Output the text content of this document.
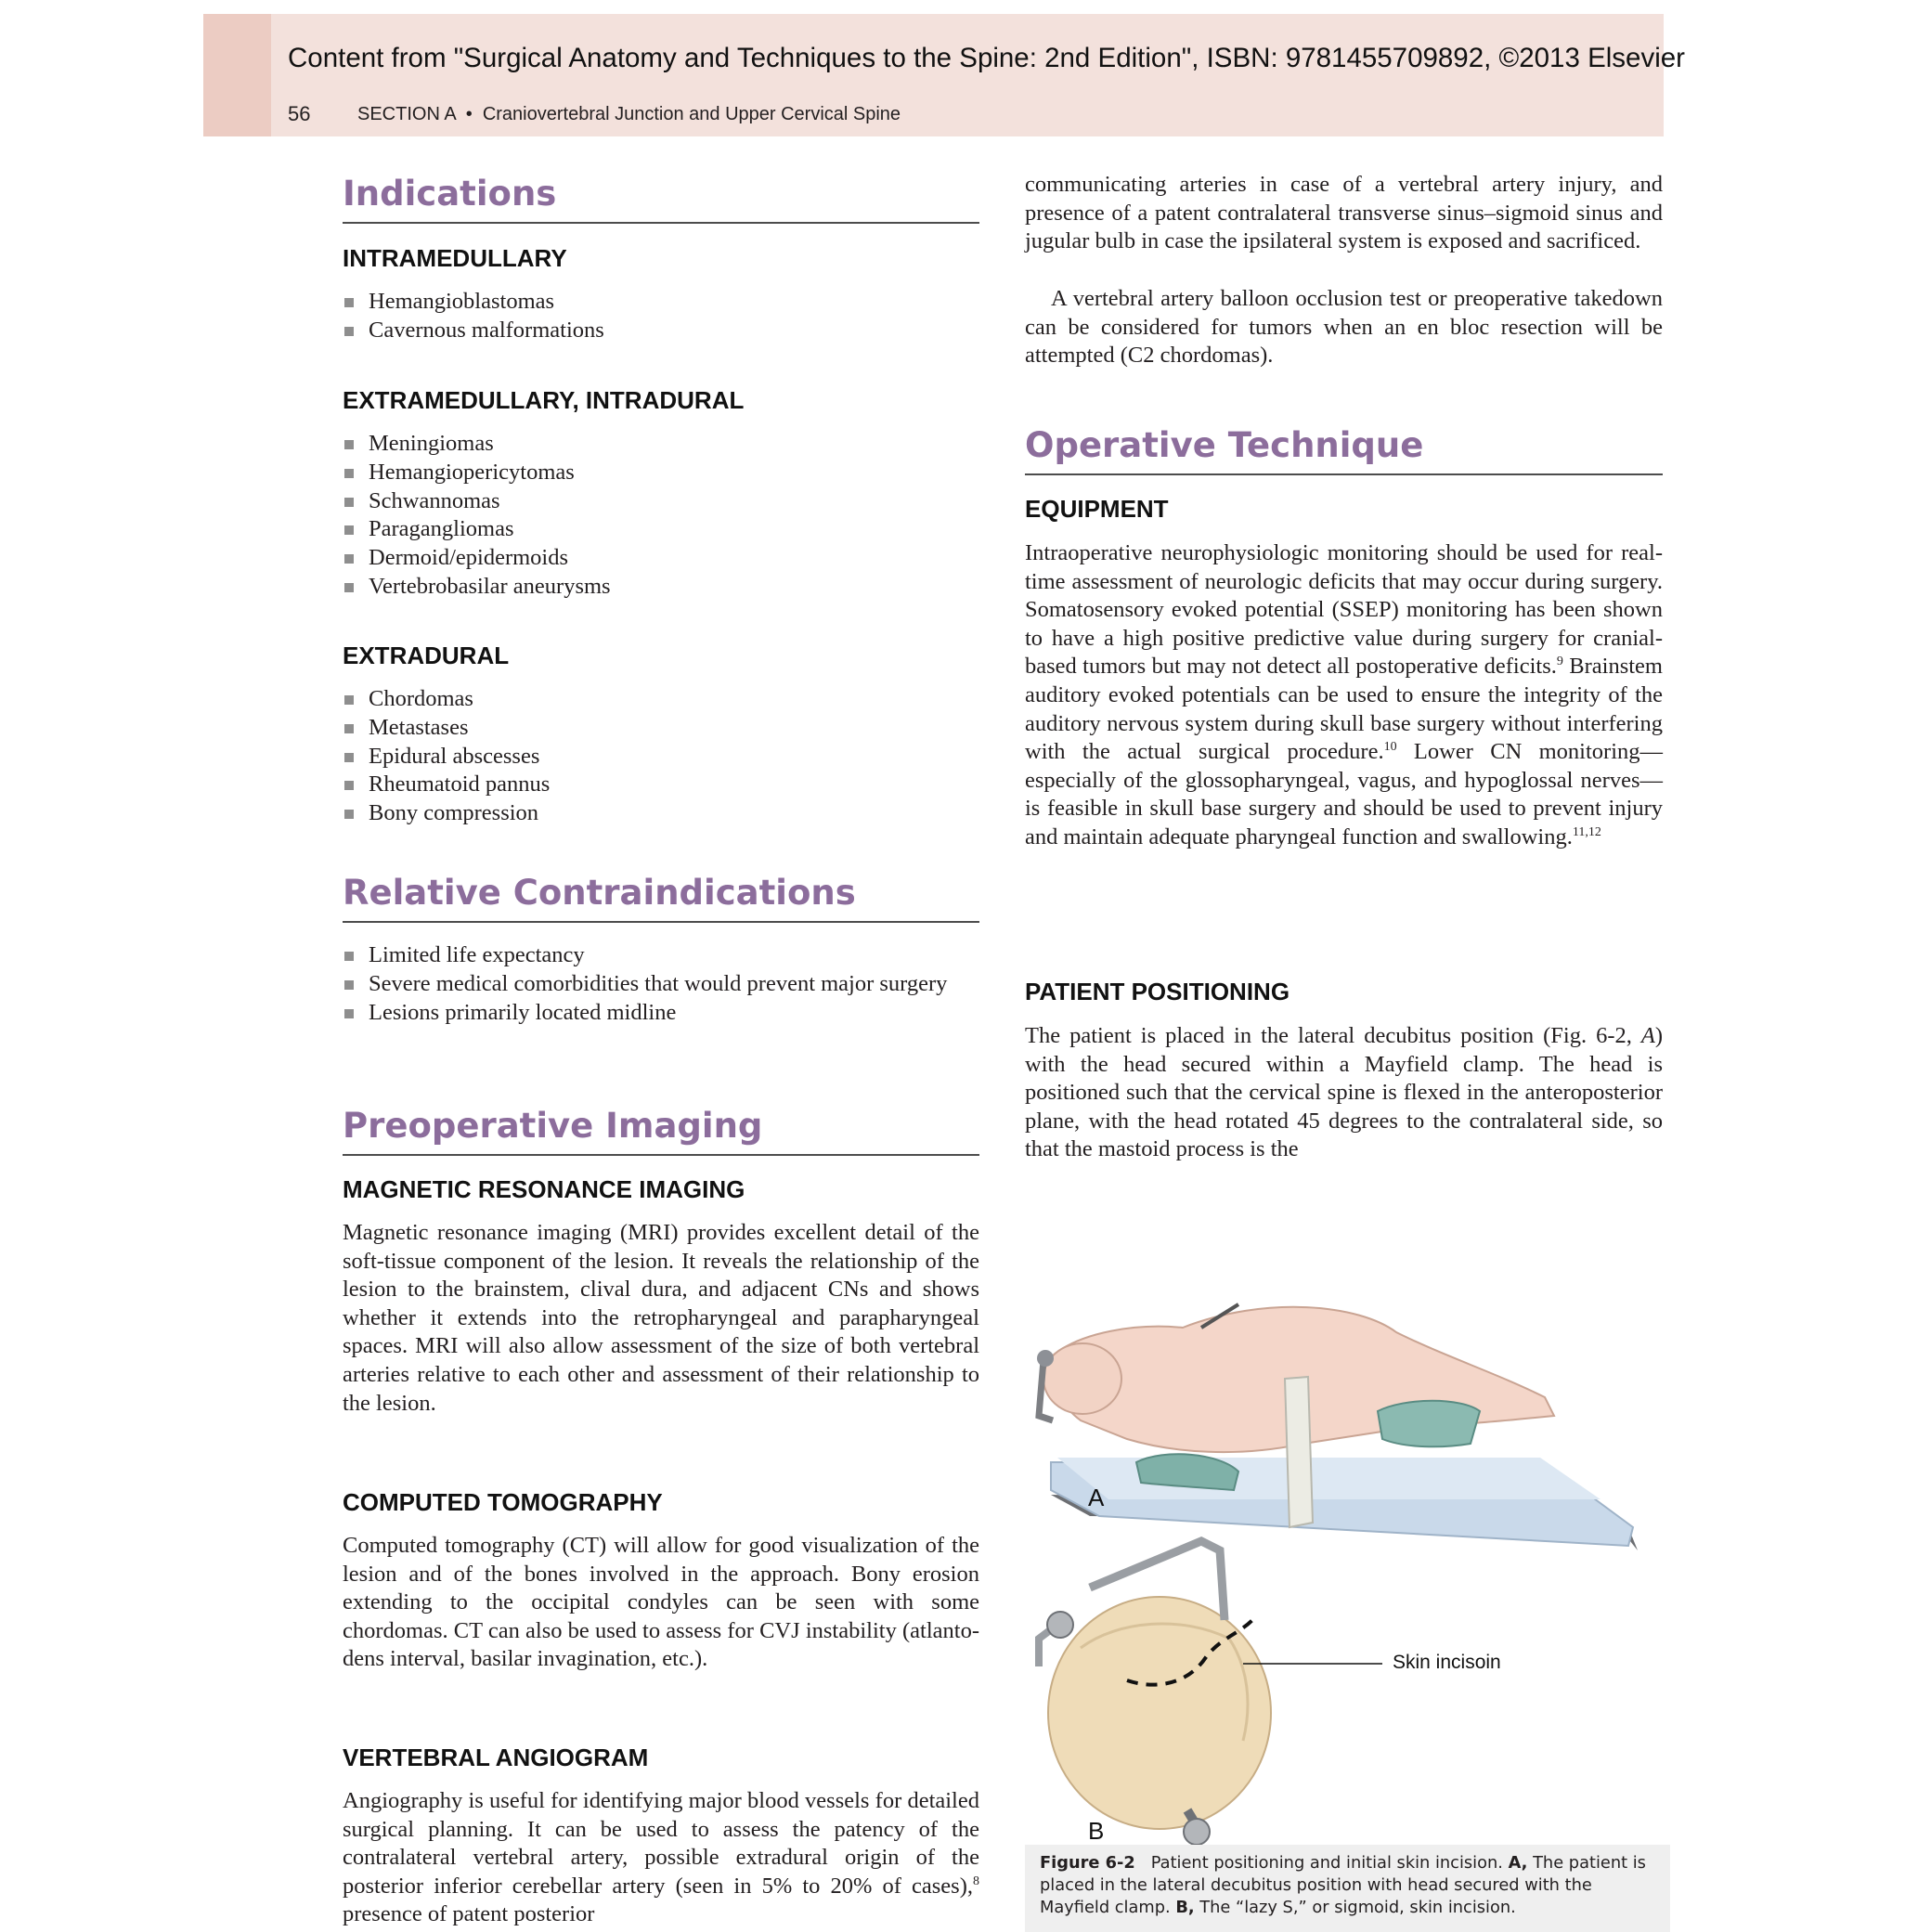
Content from "Surgical Anatomy and Techniques to the Spine: 2nd Edition", ISBN: 9781455709892, ©2013 Elsevier
56	SECTION A  •  Craniovertebral Junction and Upper Cervical Spine
Indications
INTRAMEDULLARY
Hemangioblastomas
Cavernous malformations
EXTRAMEDULLARY, INTRADURAL
Meningiomas
Hemangiopericytomas
Schwannomas
Paragangliomas
Dermoid/epidermoids
Vertebrobasilar aneurysms
EXTRADURAL
Chordomas
Metastases
Epidural abscesses
Rheumatoid pannus
Bony compression
Relative Contraindications
Limited life expectancy
Severe medical comorbidities that would prevent major surgery
Lesions primarily located midline
Preoperative Imaging
MAGNETIC RESONANCE IMAGING

Magnetic resonance imaging (MRI) provides excellent detail of the soft-tissue component of the lesion. It reveals the relationship of the lesion to the brainstem, clival dura, and adjacent CNs and shows whether it extends into the retropharyngeal and parapharyngeal spaces. MRI will also allow assessment of the size of both vertebral arteries relative to each other and assessment of their relationship to the lesion.

COMPUTED TOMOGRAPHY

Computed tomography (CT) will allow for good visualization of the lesion and of the bones involved in the approach. Bony erosion extending to the occipital condyles can be seen with some chordomas. CT can also be used to assess for CVJ instability (atlanto-dens interval, basilar invagination, etc.).

VERTEBRAL ANGIOGRAM

Angiography is useful for identifying major blood vessels for detailed surgical planning. It can be used to assess the patency of the contralateral vertebral artery, possible extradural origin of the posterior inferior cerebellar artery (seen in 5% to 20% of cases),$^8$ presence of patent posterior

communicating arteries in case of a vertebral artery injury, and presence of a patent contralateral transverse sinus–sigmoid sinus and jugular bulb in case the ipsilateral system is exposed and sacrificed.

A vertebral artery balloon occlusion test or preoperative takedown can be considered for tumors when an en bloc resection will be attempted (C2 chordomas).

Operative Technique
EQUIPMENT

Intraoperative neurophysiologic monitoring should be used for real-time assessment of neurologic deficits that may occur during surgery. Somatosensory evoked potential (SSEP) monitoring has been shown to have a high positive predictive value during surgery for cranial-based tumors but may not detect all postoperative deficits.$^9$ Brainstem auditory evoked potentials can be used to ensure the integrity of the auditory nervous system during skull base surgery without interfering with the actual surgical procedure.$^{10}$ Lower CN monitoring—especially of the glossopharyngeal, vagus, and hypoglossal nerves—is feasible in skull base surgery and should be used to prevent injury and maintain adequate pharyngeal function and swallowing.$^{11,12}$

PATIENT POSITIONING

The patient is placed in the lateral decubitus position (Fig. 6-2, A) with the head secured within a Mayfield clamp. The head is positioned such that the cervical spine is flexed in the anteroposterior plane, with the head rotated 45 degrees to the contralateral side, so that the mastoid process is the

A
B
Skin incisoin
Figure 6-2 Patient positioning and initial skin incision. A, The patient is placed in the lateral decubitus position with head secured with the Mayfield clamp. B, The “lazy S,” or sigmoid, skin incision.
